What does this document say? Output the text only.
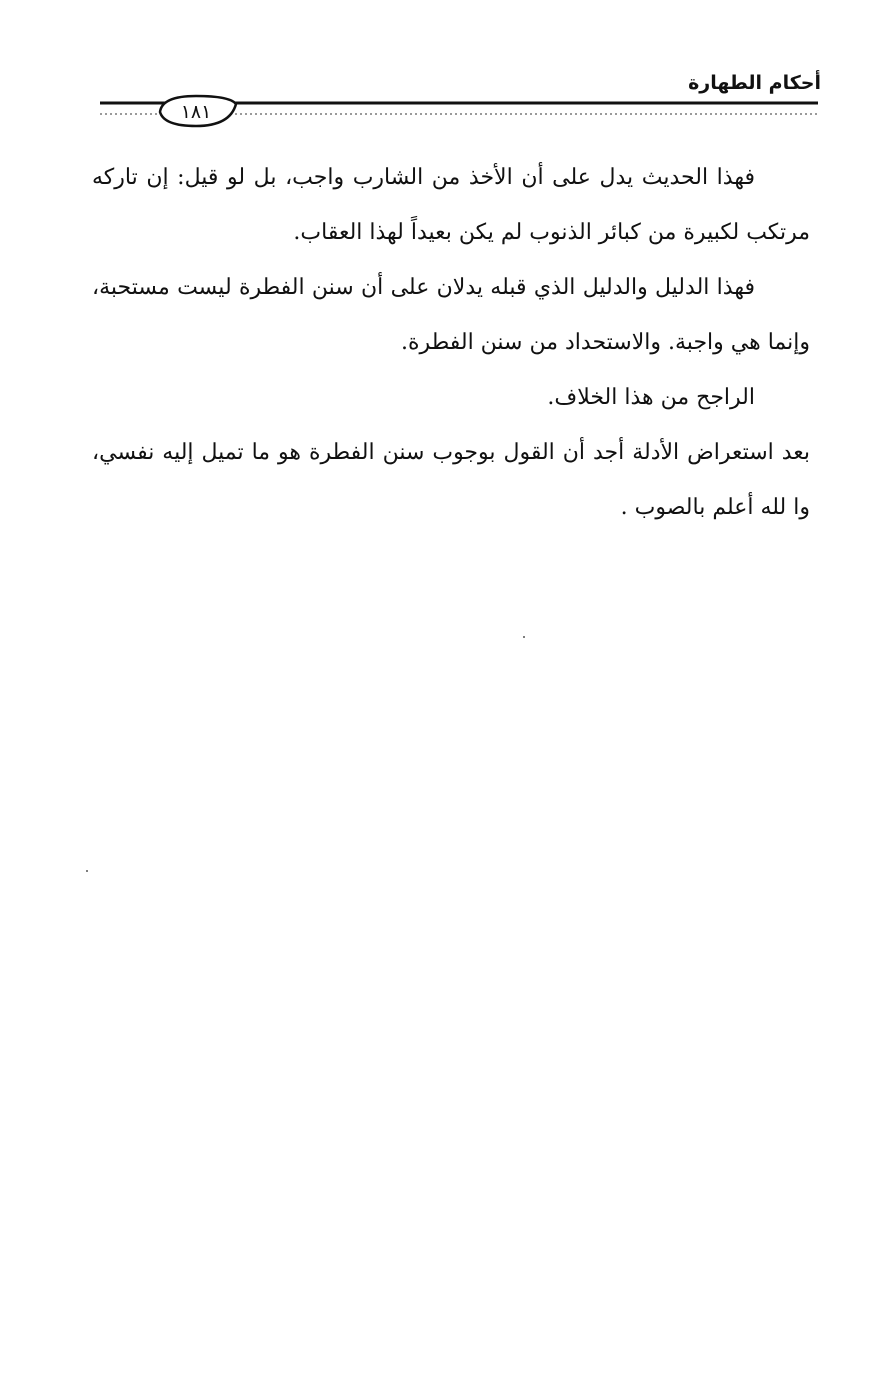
أحكام الطهارة
١٨١

فهذا الحديث يدل على أن الأخذ من الشارب واجب، بل لو قيل: إن تاركه مرتكب لكبيرة من كبائر الذنوب لم يكن بعيداً لهذا العقاب.

فهذا الدليل والدليل الذي قبله يدلان على أن سنن الفطرة ليست مستحبة، وإنما هي واجبة. والاستحداد من سنن الفطرة.

الراجح من هذا الخلاف.

بعد استعراض الأدلة أجد أن القول بوجوب سنن الفطرة هو ما تميل إليه نفسي، وا لله أعلم بالصوب .
